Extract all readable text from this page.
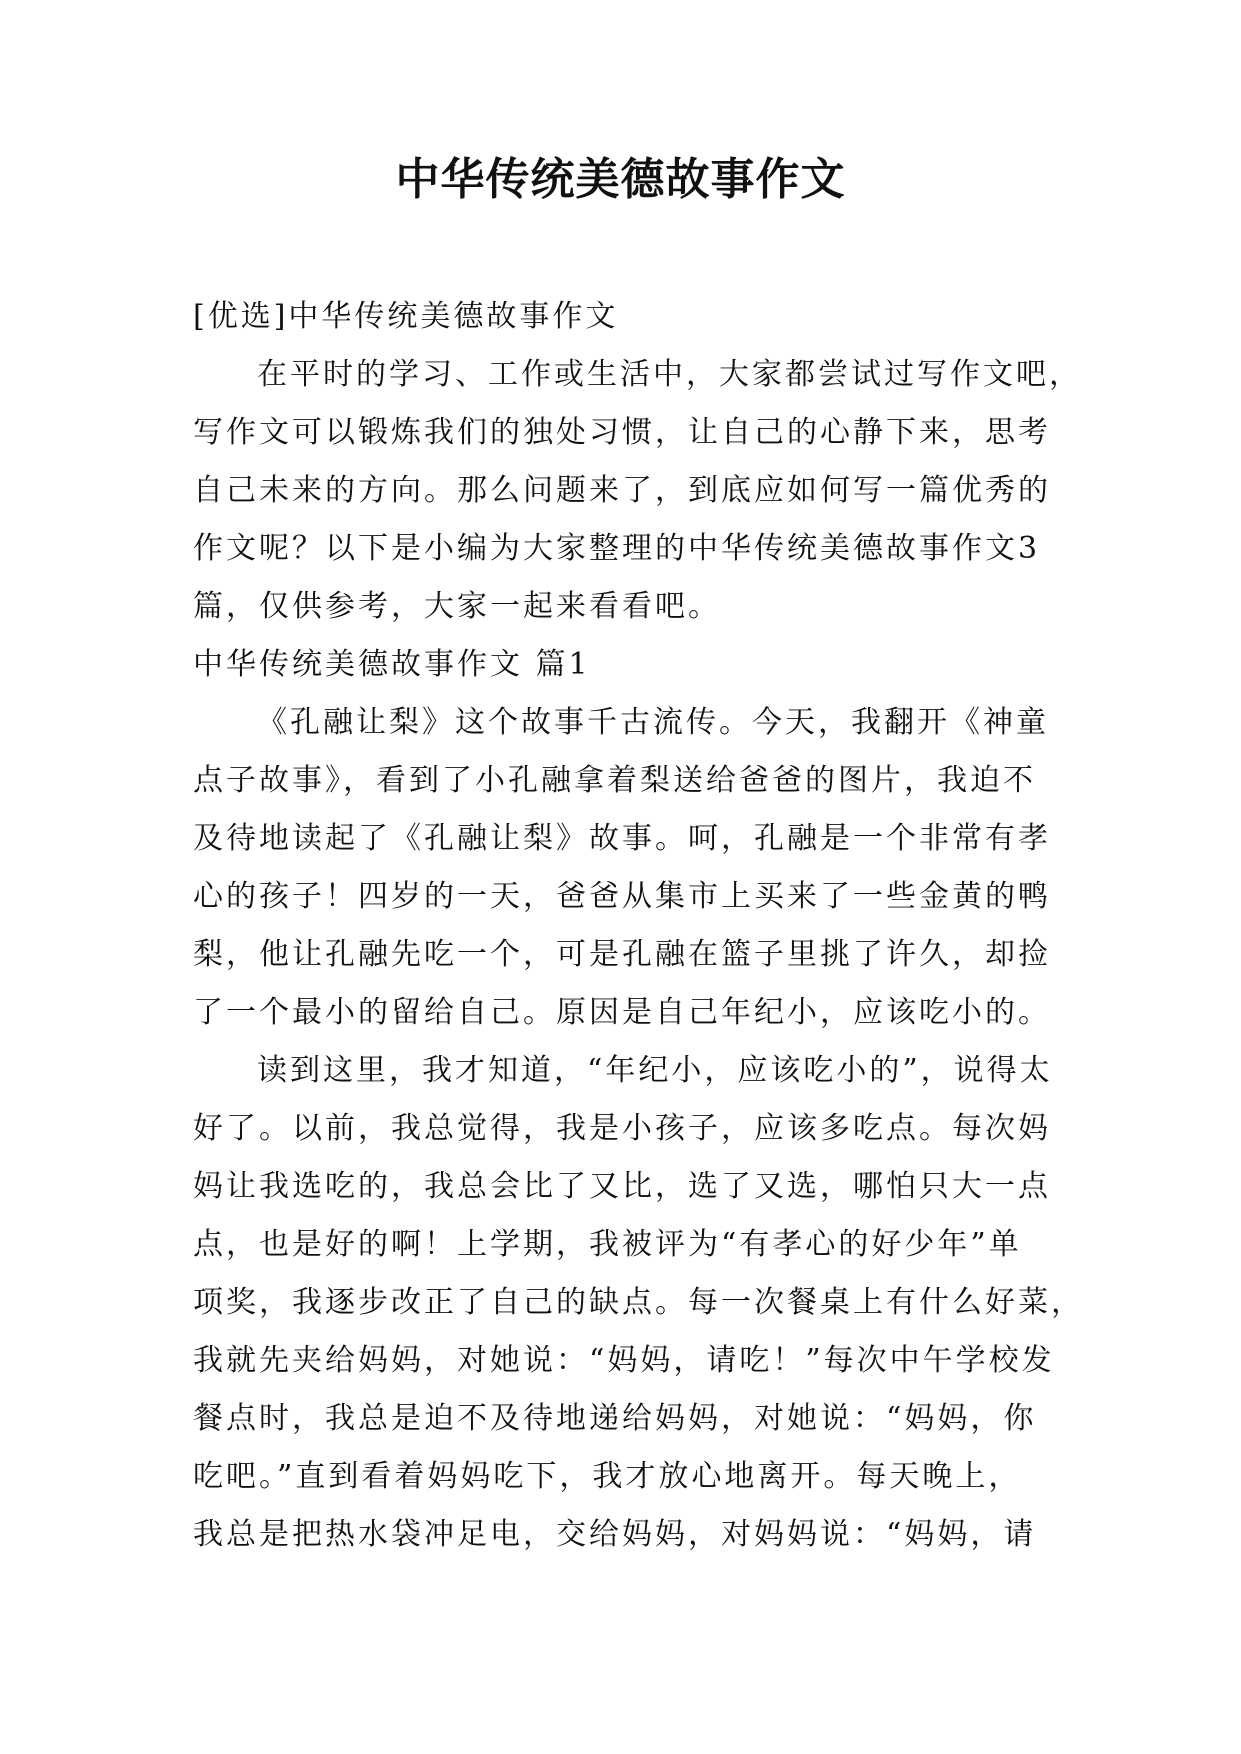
中华传统美德故事作文
[优选]中华传统美德故事作文
在平时的学习、工作或生活中，大家都尝试过写作文吧，
写作文可以锻炼我们的独处习惯，让自己的心静下来，思考
自己未来的方向。那么问题来了，到底应如何写一篇优秀的
作文呢？以下是小编为大家整理的中华传统美德故事作文3
篇，仅供参考，大家一起来看看吧。
中华传统美德故事作文 篇1
《孔融让梨》这个故事千古流传。今天，我翻开《神童
点子故事》，看到了小孔融拿着梨送给爸爸的图片，我迫不
及待地读起了《孔融让梨》故事。呵，孔融是一个非常有孝
心的孩子！四岁的一天，爸爸从集市上买来了一些金黄的鸭
梨，他让孔融先吃一个，可是孔融在篮子里挑了许久，却捡
了一个最小的留给自己。原因是自己年纪小，应该吃小的。
读到这里，我才知道，“年纪小，应该吃小的”，说得太
好了。以前，我总觉得，我是小孩子，应该多吃点。每次妈
妈让我选吃的，我总会比了又比，选了又选，哪怕只大一点
点，也是好的啊！上学期，我被评为“有孝心的好少年”单
项奖，我逐步改正了自己的缺点。每一次餐桌上有什么好菜，
我就先夹给妈妈，对她说：“妈妈，请吃！”每次中午学校发
餐点时，我总是迫不及待地递给妈妈，对她说：“妈妈，你
吃吧。”直到看着妈妈吃下，我才放心地离开。每天晚上，
我总是把热水袋冲足电，交给妈妈，对妈妈说：“妈妈，请
